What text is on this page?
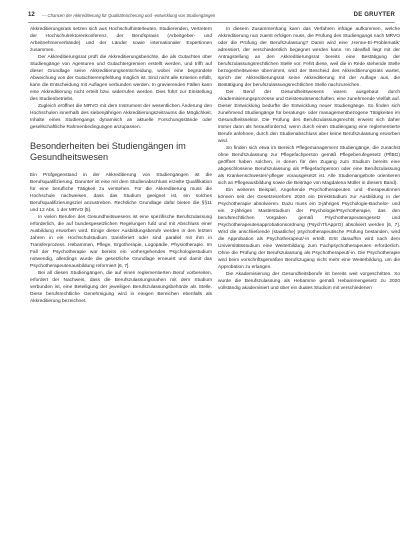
12 — Chancen der Akkreditierung für Qualitätssicherung und -entwicklung von Studiengängen	DE GRUYTER

Akkreditierungsrats setzen sich aus Hochschulhinterleuten, Studierenden, Vertretern der Hochschulrektorenkonferenz, der Berufspraxis (Arbeitgeber- und Arbeitnehmerverbände) und der Länder sowie internationaler Expertinnen zusammen.

Der Akkreditierungsrat prüft die Akkreditierungsberichte, die als Gutachten über Studiengänge von Agenturen und Gutachtergremien erstellt werden, und trifft auf dieser Grundlage seine Akkreditierungsentscheidung, wobei eine begründete Abweichung von der Gutachterempfehlung möglich ist. Sind nicht alle Kriterien erfüllt, kann die Entscheidung mit Auflagen verbunden werden. In gravierenden Fällen kann eine Akkreditierung nicht erteilt bzw. widerrufen werden. Dies führt zur Einstellung des Studienbetriebs.

Zugleich eröffnet die MRVO mit dem Instrument der wesentlichen Änderung den Hochschulen innerhalb des siebenjährigen Akkreditierungszeitraums die Möglichkeit, Inhalte eines Studiengangs dynamisch an aktuelle Forschungsstände oder gesellschaftliche Rahmenbedingungen anzupassen.

Besonderheiten bei Studiengängen im Gesundheitswesen

Ein Prüfgegenstand in der Akkreditierung von Studiengängen ist die Berufsqualifizierung. Darunter ist eine mit dem Studienabschluss erzielte Qualifikation für eine berufliche Tätigkeit zu verstehen. Für die Akkreditierung muss die Hochschule nachweisen, dass das Studium geeignet ist, ein solches Berufsqualifizierungsziel anzustreben. Rechtliche Grundlage dafür bieten die §§11 und 12 Abs. 1 der MRVO [5].

In vielen Berufen des Gesundheitswesens ist eine spezifische Berufszulassung erforderlich, die auf bundesgesetzlichen Regelungen fußt und mit Abschluss einer Ausbildung erworben wird. Einige dieser Ausbildungsberufe werden in den letzten Jahren in ein Hochschulstudium transferiert oder sind parallel mit ihm in Transferprozess. Hebammen, Pflege, Ergotherapie, Logopädie, Physiotherapie. Im Fall der Psychotherapie war bereits ein vorhergehendes Psychologiestudium notwendig, allerdings wurde die gesetzliche Grundlage erneuert und damit das Psychotherapeutenausbildung reformiert [6, 7].

Bei all diesen Studiengängen, die auf einen reglementierten Beruf vorbereiten, erfordert der Nachweis, dass die Berufszulassungsnahen mit dem Studium verbunden ist, eine Beteiligung der jeweiligen Berufszulassungsbehörde als Stelle. Diese berufsrechtliche Genehmigung wird in einigen Bereichen ebenfalls als Akkreditierung bezeichnet.

In diesem Zusammenhang kann das Verfahren infrage aufkommen, welche Akkreditierung nun zuerst erfolgen muss, die Prüfung des Studiengangs nach MRVO oder die Prüfung der Berufszulassung? Damit wird eine ‚Henne-Ei-Problematik‘ adressiert, der verschiedentlich begegnet werden kann. Im Idealfall liegt mit der Antragstellung an den Akkreditierungsrat bereits eine Bestätigung der berufszulassungsrechtlichen Stelle vor. Fehlt diese, weil die in Rede stehende Stelle bezogenheitsweise übernimmt, wird der Bescheid des Akkreditierungsrats wartet, sprich der Akkreditierungsrat seine Akkreditierung mit der Auflage aus, die Bestätigung der berufszulassungsrechtlichen Stelle nachzureichen.

Der Beruf der Gesundheitswesens waren ausgebaut durch Akademisierungsprozesse und Geisteswissenschaften, eine zunehmende Vielfalt auf. Dieser Entwicklung bedurfte die Entwicklung neuer Studiengänge. So finden sich zunehmend Studiengänge für beratungs- oder managementbezogene Tätigkeiten im Gesundheitssektor. Die Prüfung des Berufszulassungsrechts erweist sich daher immer dann als herausfordernd, wenn durch einen Studiengang eine reglementierte Berufe anlehnen, durch den Studienabschluss aber keine Berufszulassung erworben wird.

So finden sich etwa im Bereich Pflegemanagement Studiengänge, die zunächst ohne Berufszulassung zur Pflegefachperson gemäß Pflegeberufegesetz (PflBG) geöffnet haben solchen, in denen für den Zugang zum Studium bereits eine abgeschlossene Berufszulassung als Pflegefachperson oder eine Berufszulassung als Krankenschwester/-pfleger vorausgesetzt ist. Alle Studienangebote orientieren sich an Pflegeausbildung sowie die Beiträge von Magdalena Müller in diesem Band).

Ein weiteres Beispiel, Angehende Psychotherapeuten und -therapeutinnen können seit der Gesetzesreform 2020 ein Direktstudium zur Ausbildung in der Psychotherapie absolvieren. Dazu muss ein 3-jähriges Psychologie-Bachelor- und ein 2-jähriges Masterstudium der Psychologie/Psychotherapie, das den berufsrechtlichen Vorgaben gemäß Psychotherapeutengesetz und Psychotherapeutenapprobationsordnung (PsychThApprO) absolviert werden [6, 7]. Wird die anschließende (staatliche) psychotherapeutische Prüfung bestanden, wird die Approbation als Psychotherapeut/-in erteilt. Erst daraufhin wird nach dem Universitätsstudium eine Weiterbildung zum Fachpsychotherapeuten erforderlich. Ohne die Prüfung der Berufszulassung als Psychotherapeut/-in. Die Psychotherapie wird beim vorschriftsgemäßen Berufszugang nicht mehr eine Weiterbildung, um die Approbation zu erlangen.

Die Akademisierung der Gesundheitsberufe ist bereits weit vorgeschritten. So wurde die Berufszulassung als Hebamme gemäß Hebammengesetz zu 2020 vollständig akademisiert und über ein duales Studium mit verschiedenen
